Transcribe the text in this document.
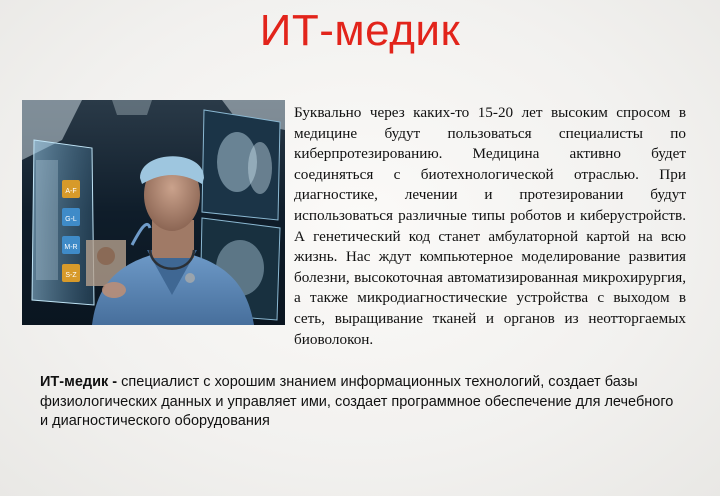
ИТ-медик
A-F
G-L
M-R
S-Z

Буквально через каких-то 15-20 лет высоким спросом в медицине будут пользоваться специалисты по киберпротезированию. Медицина активно будет соединяться с биотехнологической отраслью. При диагностике, лечении и протезировании будут использоваться различные типы роботов и киберустройств. А генетический код станет амбулаторной картой на всю жизнь. Нас ждут компьютерное моделирование развития болезни, высокоточная автоматизированная микрохирургия, а также микродиагностические устройства с выходом в сеть, выращивание тканей и органов из неотторгаемых биоволокон.

ИТ-медик - специалист с хорошим знанием информационных технологий, создает базы физиологических данных и управляет ими, создает программное обеспечение для лечебного и диагностического оборудования
